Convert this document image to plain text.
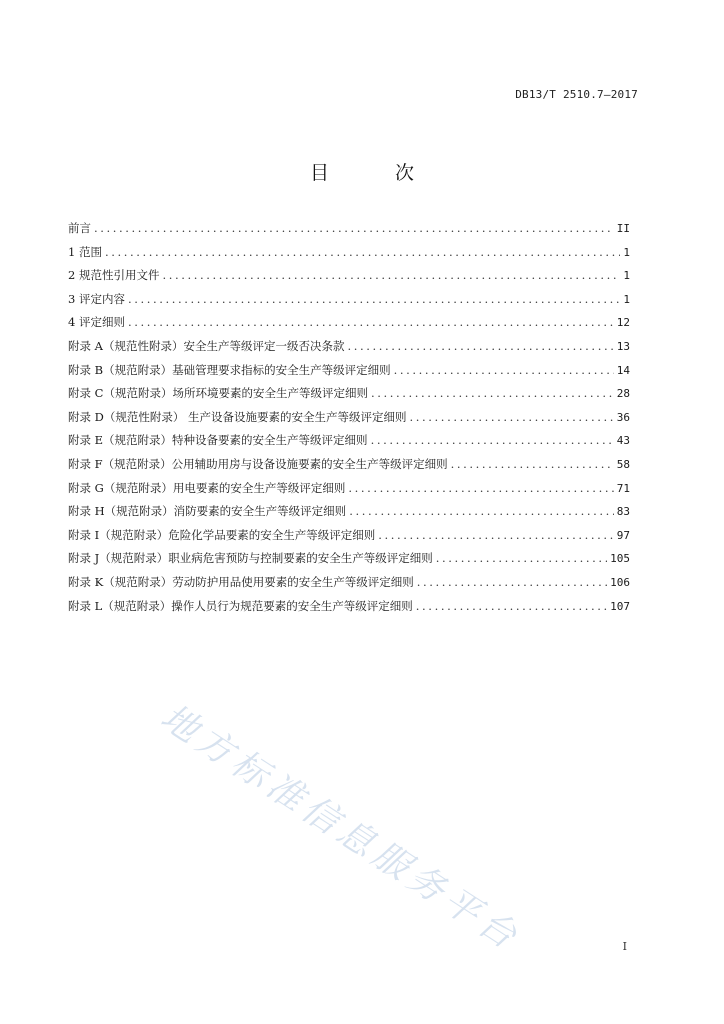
DB13/T 2510.7—2017
目 次
前言 .....	II
1 范围 .....	1
2 规范性引用文件 .....	1
3 评定内容 .....	1
4 评定细则 .....	12
附录 A（规范性附录）安全生产等级评定一级否决条款 .....	13
附录 B（规范附录）基础管理要求指标的安全生产等级评定细则 .....	14
附录 C（规范附录）场所环境要素的安全生产等级评定细则 .....	28
附录 D（规范性附录） 生产设备设施要素的安全生产等级评定细则 .....	36
附录 E（规范附录）特种设备要素的安全生产等级评定细则 .....	43
附录 F（规范附录）公用辅助用房与设备设施要素的安全生产等级评定细则 .....	58
附录 G（规范附录）用电要素的安全生产等级评定细则 .....	71
附录 H（规范附录）消防要素的安全生产等级评定细则 .....	83
附录 I（规范附录）危险化学品要素的安全生产等级评定细则 .....	97
附录 J（规范附录）职业病危害预防与控制要素的安全生产等级评定细则 .....	105
附录 K（规范附录）劳动防护用品使用要素的安全生产等级评定细则 .....	106
附录 L（规范附录）操作人员行为规范要素的安全生产等级评定细则 .....	107
地方标准信息服务平台	I
